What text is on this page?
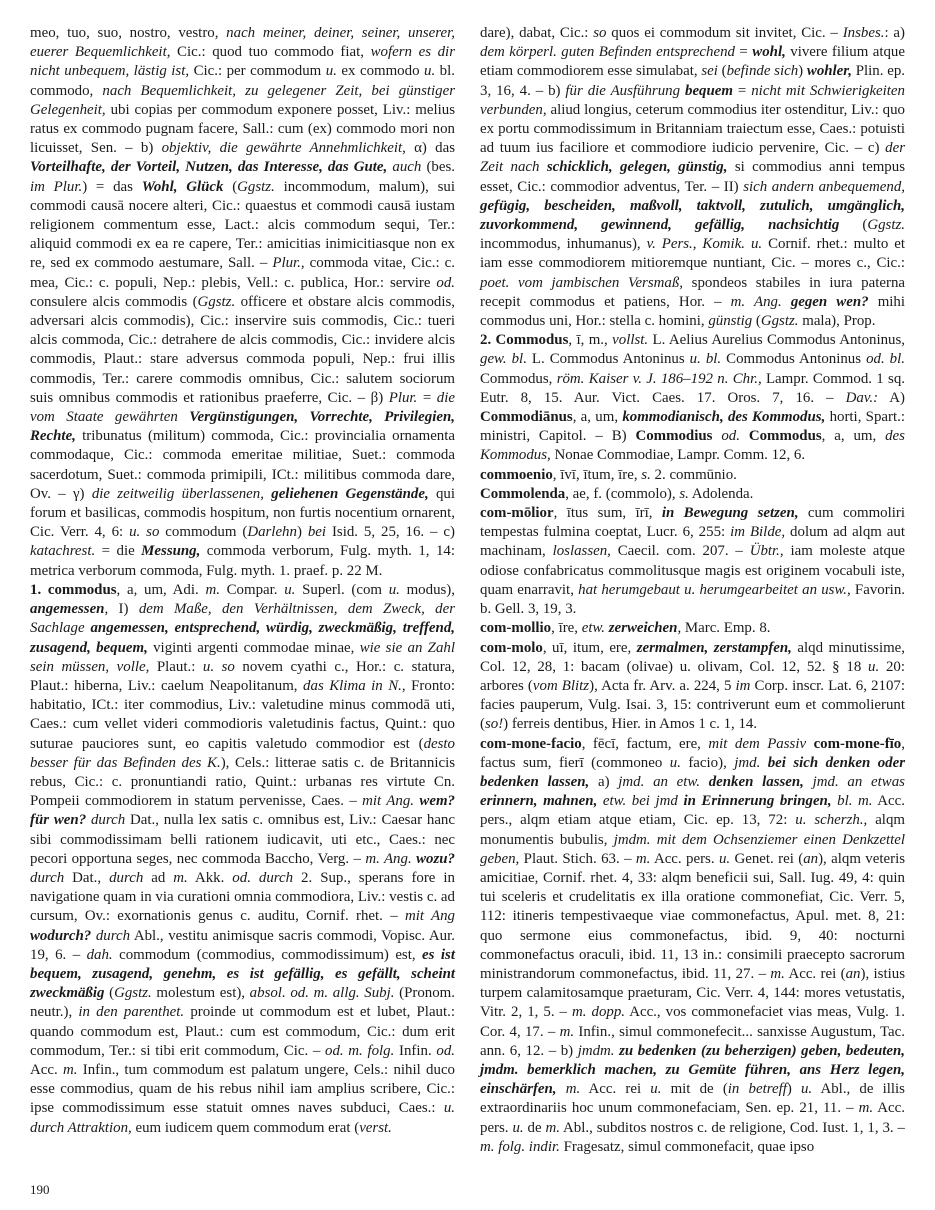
meo, tuo, suo, nostro, vestro, nach meiner, deiner, seiner, unserer, euerer Bequemlichkeit, Cic.: quod tuo commodo fiat, wofern es dir nicht unbequem, lästig ist, Cic.: per commodum u. ex commodo u. bl. commodo, nach Bequemlichkeit, zu gelegener Zeit, bei günstiger Gelegenheit, ubi copias per commodum exponere posset, Liv.: melius ratus ex commodo pugnam facere, Sall.: cum (ex) commodo mori non licuisset, Sen. – b) objektiv, die gewährte Annehmlichkeit, α) das Vorteilhafte, der Vorteil, Nutzen, das Interesse, das Gute, auch (bes. im Plur.) = das Wohl, Glück (Ggstz. incommodum, malum), sui commodi causā nocere alteri, Cic.: quaestus et commodi causā iustam religionem commentum esse, Lact.: alcis commodum sequi, Ter.: aliquid commodi ex ea re capere, Ter.: amicitias inimicitiasque non ex re, sed ex commodo aestumare, Sall. – Plur., commoda vitae, Cic.: c. mea, Cic.: c. populi, Nep.: plebis, Vell.: c. publica, Hor.: servire od. consulere alcis commodis (Ggstz. officere et obstare alcis commodis, adversari alcis commodis), Cic.: inservire suis commodis, Cic.: tueri alcis commoda, Cic.: detrahere de alcis commodis, Cic.: invidere alcis commodis, Plaut.: stare adversus commoda populi, Nep.: frui illis commodis, Ter.: carere commodis omnibus, Cic.: salutem sociorum suis omnibus commodis et rationibus praeferre, Cic. – β) Plur. = die vom Staate gewährten Vergünstigungen, Vorrechte, Privilegien, Rechte, tribunatus (militum) commoda, Cic.: provincialia ornamenta commodaque, Cic.: commoda emeritae militiae, Suet.: commoda sacerdotum, Suet.: commoda primipili, ICt.: militibus commoda dare, Ov. – γ) die zeitweilig überlassenen, geliehenen Gegenstände, qui forum et basilicas, commodis hospitum, non furtis nocentium ornarent, Cic. Verr. 4, 6: u. so commodum (Darlehn) bei Isid. 5, 25, 16. – c) katachrest. = die Messung, commoda verborum, Fulg. myth. 1, 14: metrica verborum commoda, Fulg. myth. 1. praef. p. 22 M.

1. commodus, a, um, Adi. m. Compar. u. Superl. (com u. modus), angemessen, I) dem Maße, den Verhältnissen, dem Zweck, der Sachlage angemessen, entsprechend, würdig, zweckmäßig, treffend, zusagend, bequem, viginti argenti commodae minae, wie sie an Zahl sein müssen, volle, Plaut.: u. so novem cyathi c., Hor.: c. statura, Plaut.: hiberna, Liv.: caelum Neapolitanum, das Klima in N., Fronto: habitatio, ICt.: iter commodius, Liv.: valetudine minus commodā uti, Caes.: cum vellet videri commodioris valetudinis factus, Quint.: quo suturae pauciores sunt, eo capitis valetudo commodior est (desto besser für das Befinden des K.), Cels.: litterae satis c. de Britannicis rebus, Cic.: c. pronuntiandi ratio, Quint.: urbanas res virtute Cn. Pompeii commodiorem in statum pervenisse, Caes. – mit Ang. wem? für wen? durch Dat., nulla lex satis c. omnibus est, Liv.: Caesar hanc sibi commodissimam belli rationem iudicavit, uti etc., Caes.: nec pecori opportuna seges, nec commoda Baccho, Verg. – m. Ang. wozu? durch Dat., durch ad m. Akk. od. durch 2. Sup., sperans fore in navigatione quam in via curationi omnia commodiora, Liv.: vestis c. ad cursum, Ov.: exornationis genus c. auditu, Cornif. rhet. – mit Ang wodurch? durch Abl., vestitu animisque sacris commodi, Vopisc. Aur. 19, 6. – dah. commodum (commodius, commodissimum) est, es ist bequem, zusagend, genehm, es ist gefällig, es gefällt, scheint zweckmäßig (Ggstz. molestum est), absol. od. m. allg. Subj. (Pronom. neutr.), in den parenthet. proinde ut commodum est et lubet, Plaut.: quando commodum est, Plaut.: cum est commodum, Cic.: dum erit commodum, Ter.: si tibi erit commodum, Cic. – od. m. folg. Infin. od. Acc. m. Infin., tum commodum est palatum ungere, Cels.: nihil duco esse commodius, quam de his rebus nihil iam amplius scribere, Cic.: ipse commodissimum esse statuit omnes naves subduci, Caes.: u. durch Attraktion, eum iudicem quem commodum erat (verst.

dare), dabat, Cic.: so quos ei commodum sit invitet, Cic. – Insbes.: a) dem körperl. guten Befinden entsprechend = wohl, vivere filium atque etiam commodiorem esse simulabat, sei (befinde sich) wohler, Plin. ep. 3, 16, 4. – b) für die Ausführung bequem = nicht mit Schwierigkeiten verbunden, aliud longius, ceterum commodius iter ostenditur, Liv.: quo ex portu commodissimum in Britanniam traiectum esse, Caes.: potuisti ad tuum ius faciliore et commodiore iudicio pervenire, Cic. – c) der Zeit nach schicklich, gelegen, günstig, si commodius anni tempus esset, Cic.: commodior adventus, Ter. – II) sich andern anbequemend, gefügig, bescheiden, maßvoll, taktvoll, zutulich, umgänglich, zuvorkommend, gewinnend, gefällig, nachsichtig (Ggstz. incommodus, inhumanus), v. Pers., Komik. u. Cornif. rhet.: multo et iam esse commodiorem mitioremque nuntiant, Cic. – mores c., Cic.: poet. vom jambischen Versmaß, spondeos stabiles in iura paterna recepit commodus et patiens, Hor. – m. Ang. gegen wen? mihi commodus uni, Hor.: stella c. homini, günstig (Ggstz. mala), Prop.

2. Commodus, ī, m., vollst. L. Aelius Aurelius Commodus Antoninus, gew. bl. L. Commodus Antoninus u. bl. Commodus Antoninus od. bl. Commodus, röm. Kaiser v. J. 186–192 n. Chr., Lampr. Commod. 1 sq. Eutr. 8, 15. Aur. Vict. Caes. 17. Oros. 7, 16. – Dav.: A) Commodiānus, a, um, kommodianisch, des Kommodus, horti, Spart.: ministri, Capitol. – B) Commodius od. Commodus, a, um, des Kommodus, Nonae Commodiae, Lampr. Comm. 12, 6.

commoenio, īvī, ītum, īre, s. 2. commūnio.

Commolenda, ae, f. (commolo), s. Adolenda.

com-mōlior, ītus sum, īrī, in Bewegung setzen, cum commoliri tempestas fulmina coeptat, Lucr. 6, 255: im Bilde, dolum ad alqm aut machinam, loslassen, Caecil. com. 207. – Übtr., iam moleste atque odiose confabricatus commolitusque magis est originem vocabuli iste, quam enarravit, hat herumgebaut u. herumgearbeitet an usw., Favorin. b. Gell. 3, 19, 3.

com-mollio, īre, etw. zerweichen, Marc. Emp. 8.

com-molo, uī, itum, ere, zermalmen, zerstampfen, alqd minutissime, Col. 12, 28, 1: bacam (olivae) u. olivam, Col. 12, 52. § 18 u. 20: arbores (vom Blitz), Acta fr. Arv. a. 224, 5 im Corp. inscr. Lat. 6, 2107: facies pauperum, Vulg. Isai. 3, 15: contriverunt eum et commolierunt (so!) ferreis dentibus, Hier. in Amos 1 c. 1, 14.

com-mone-facio, fēcī, factum, ere, mit dem Passiv com-mone-fīo, factus sum, fierī (commoneo u. facio), jmd. bei sich denken oder bedenken lassen, a) jmd. an etw. denken lassen, jmd. an etwas erinnern, mahnen, etw. bei jmd in Erinnerung bringen, bl. m. Acc. pers., alqm etiam atque etiam, Cic. ep. 13, 72: u. scherzh., alqm monumentis bubulis, jmdm. mit dem Ochsenziemer einen Denkzettel geben, Plaut. Stich. 63. – m. Acc. pers. u. Genet. rei (an), alqm veteris amicitiae, Cornif. rhet. 4, 33: alqm beneficii sui, Sall. Iug. 49, 4: quin tui sceleris et crudelitatis ex illa oratione commonefiat, Cic. Verr. 5, 112: itineris tempestivaeque viae commonefactus, Apul. met. 8, 21: quo sermone eius commonefactus, ibid. 9, 40: nocturni commonefactus oraculi, ibid. 11, 13 in.: consimili praecepto sacrorum ministrandorum commonefactus, ibid. 11, 27. – m. Acc. rei (an), istius turpem calamitosamque praeturam, Cic. Verr. 4, 144: mores vetustatis, Vitr. 2, 1, 5. – m. dopp. Acc., vos commonefaciet vias meas, Vulg. 1. Cor. 4, 17. – m. Infin., simul commonefecit... sanxisse Augustum, Tac. ann. 6, 12. – b) jmdm. zu bedenken (zu beherzigen) geben, bedeuten, jmdm. bemerklich machen, zu Gemüte führen, ans Herz legen, einschärfen, m. Acc. rei u. mit de (in betreff) u. Abl., de illis extraordinariis hoc unum commonefaciam, Sen. ep. 21, 11. – m. Acc. pers. u. de m. Abl., subditos nostros c. de religione, Cod. Iust. 1, 1, 3. – m. folg. indir. Fragesatz, simul commonefacit, quae ipso

190
